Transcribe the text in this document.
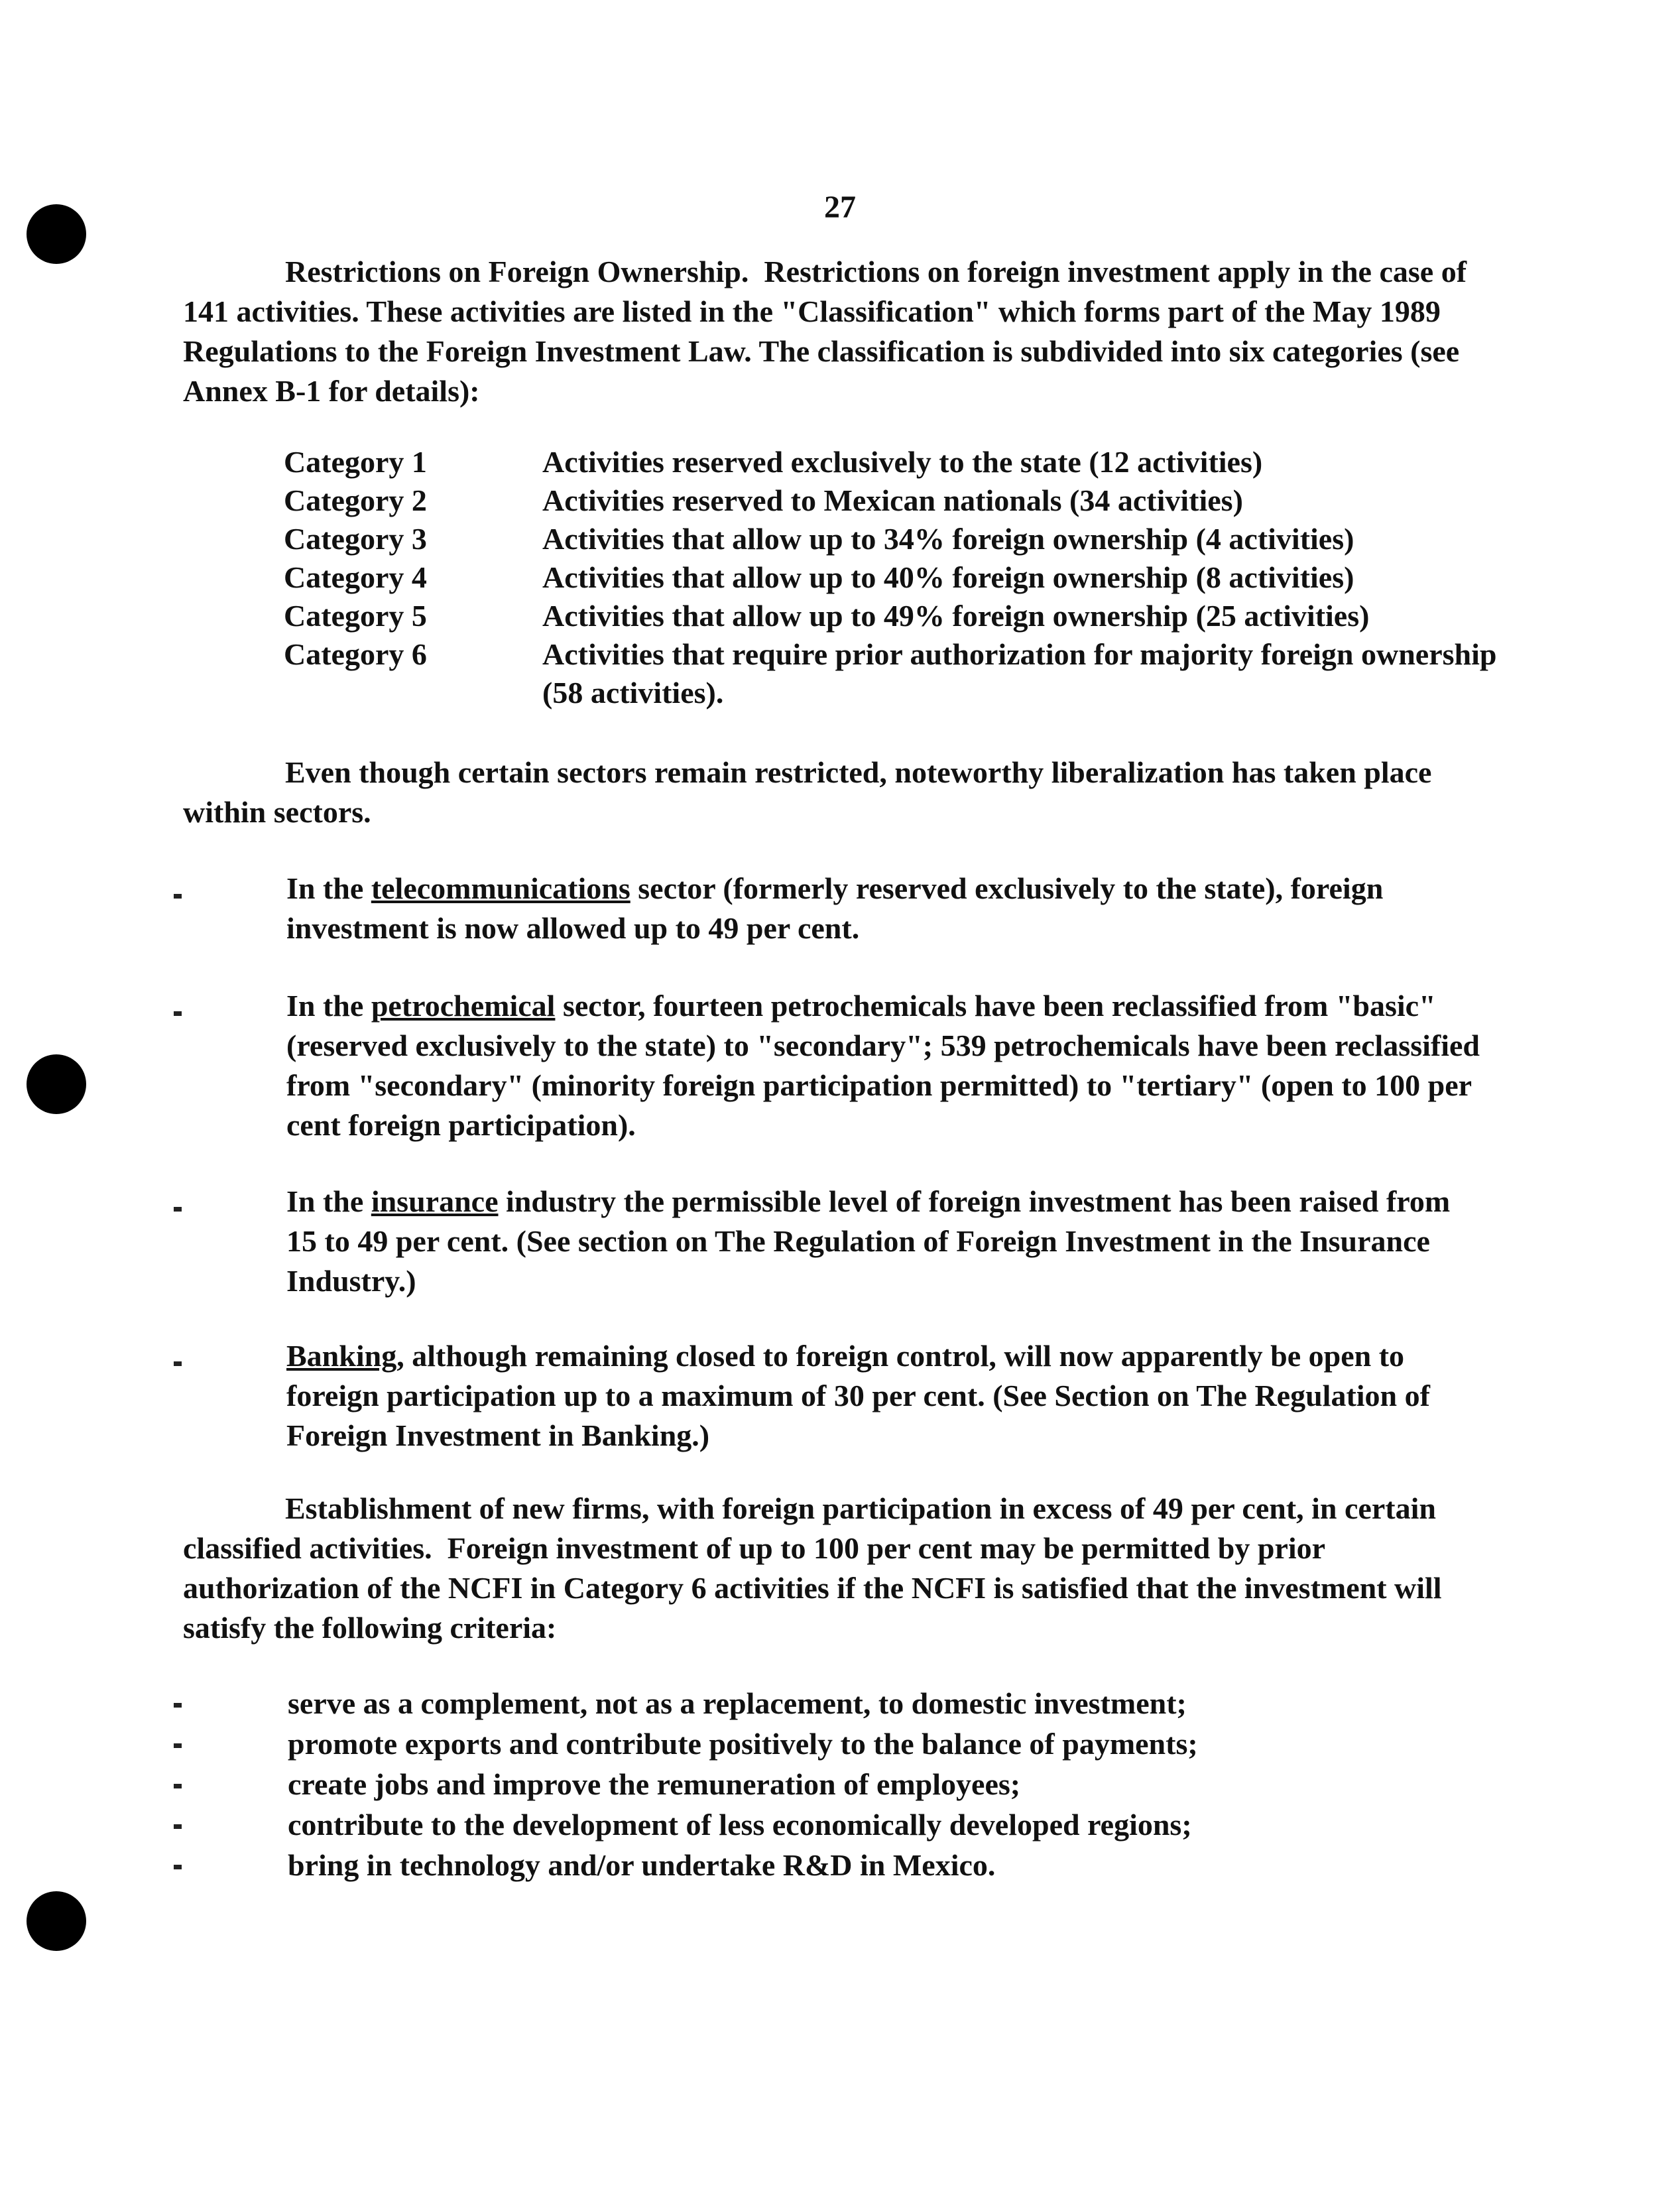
27
Restrictions on Foreign Ownership. Restrictions on foreign investment apply in the case of 141 activities. These activities are listed in the "Classification" which forms part of the May 1989 Regulations to the Foreign Investment Law. The classification is subdivided into six categories (see Annex B-1 for details):
Category 1	Activities reserved exclusively to the state (12 activities)
Category 2	Activities reserved to Mexican nationals (34 activities)
Category 3	Activities that allow up to 34% foreign ownership (4 activities)
Category 4	Activities that allow up to 40% foreign ownership (8 activities)
Category 5	Activities that allow up to 49% foreign ownership (25 activities)
Category 6	Activities that require prior authorization for majority foreign ownership (58 activities).
Even though certain sectors remain restricted, noteworthy liberalization has taken place within sectors.
In the telecommunications sector (formerly reserved exclusively to the state), foreign investment is now allowed up to 49 per cent.
In the petrochemical sector, fourteen petrochemicals have been reclassified from "basic" (reserved exclusively to the state) to "secondary"; 539 petrochemicals have been reclassified from "secondary" (minority foreign participation permitted) to "tertiary" (open to 100 per cent foreign participation).
In the insurance industry the permissible level of foreign investment has been raised from 15 to 49 per cent. (See section on The Regulation of Foreign Investment in the Insurance Industry.)
Banking, although remaining closed to foreign control, will now apparently be open to foreign participation up to a maximum of 30 per cent. (See Section on The Regulation of Foreign Investment in Banking.)
Establishment of new firms, with foreign participation in excess of 49 per cent, in certain classified activities. Foreign investment of up to 100 per cent may be permitted by prior authorization of the NCFI in Category 6 activities if the NCFI is satisfied that the investment will satisfy the following criteria:
serve as a complement, not as a replacement, to domestic investment;
promote exports and contribute positively to the balance of payments;
create jobs and improve the remuneration of employees;
contribute to the development of less economically developed regions;
bring in technology and/or undertake R&D in Mexico.
